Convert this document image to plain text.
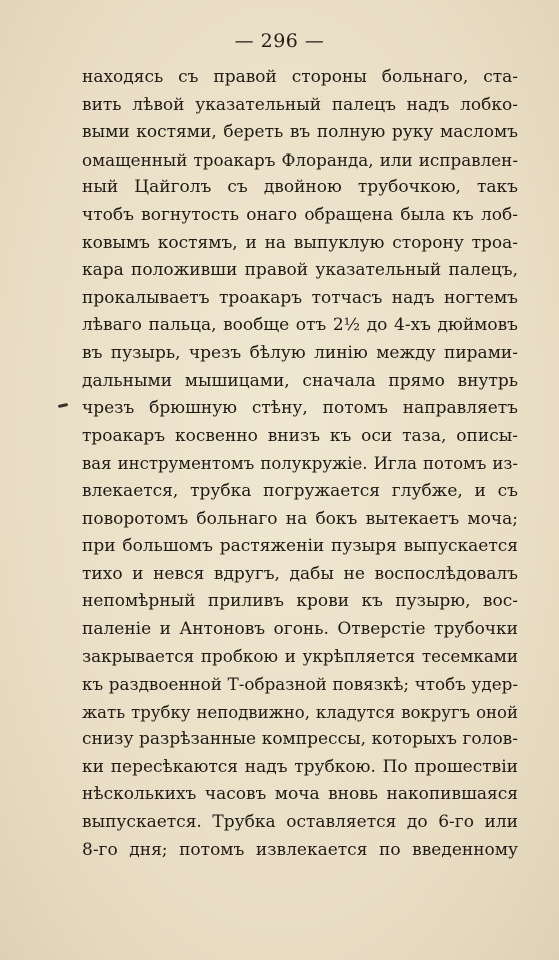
— 296 —
находясь съ правой стороны больнаго, ста-
вить лѣвой указательный палецъ надъ лобко-
выми костями, береть въ полную руку масломъ
омащенный троакаръ Флоранда, или исправлен-
ный Цайголъ съ двойною трубочкою, такъ
чтобъ вогнутость онаго обращена была къ лоб-
ковымъ костямъ, и на выпуклую сторону троа-
кара положивши правой указательный палецъ,
прокалываетъ троакаръ тотчасъ надъ ногтемъ
лѣваго пальца, вообще отъ 2½ до 4-хъ дюймовъ
въ пузырь, чрезъ бѣлую линію между пирами-
дальными мышицами, сначала прямо внутрь
чрезъ брюшную стѣну, потомъ направляетъ
троакаръ косвенно внизъ къ оси таза, описы-
вая инструментомъ полукружіе. Игла потомъ из-
влекается, трубка погружается глубже, и съ
поворотомъ больнаго на бокъ вытекаетъ моча;
при большомъ растяженіи пузыря выпускается
тихо и невся вдругъ, дабы не воспослѣдовалъ
непомѣрный приливъ крови къ пузырю, вос-
паленіе и Антоновъ огонь. Отверстіе трубочки
закрывается пробкою и укрѣпляется тесемками
къ раздвоенной Т-образной повязкѣ; чтобъ удер-
жать трубку неподвижно, кладутся вокругъ оной
снизу разрѣзанные компрессы, которыхъ голов-
ки пересѣкаются надъ трубкою. По прошествіи
нѣсколькихъ часовъ моча вновь накопившаяся
выпускается. Трубка оставляется до 6-го или
8-го дня; потомъ извлекается по введенному
